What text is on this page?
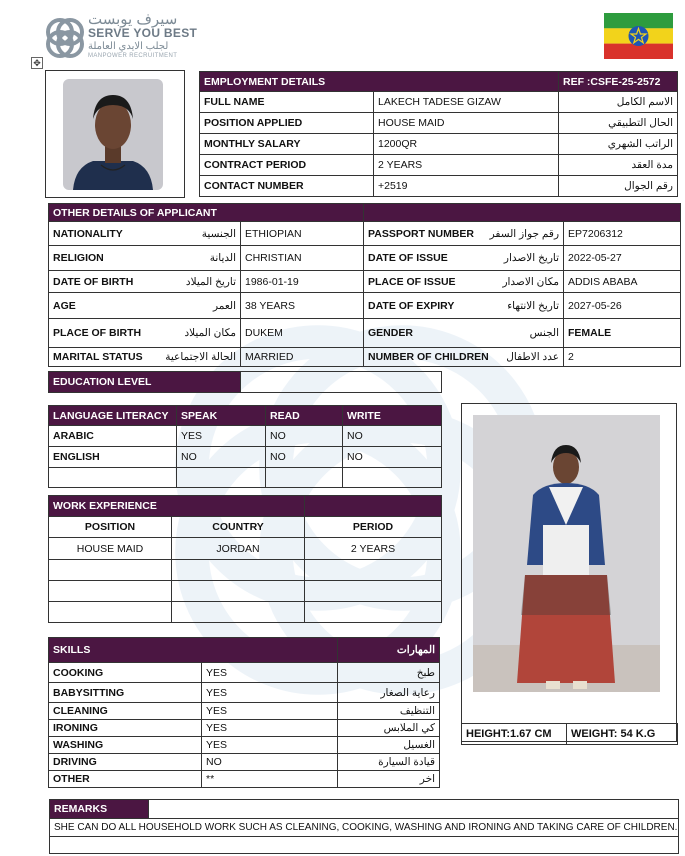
سيرف يوبست
SERVE YOU BEST
لجلب الايدي العاملة
MANPOWER RECRUITMENT
✥
EMPLOYMENT DETAILS		REF :CSFE-25-2572
FULL NAME	LAKECH TADESE GIZAW	الاسم الكامل
POSITION APPLIED	HOUSE MAID	الحال التطبيقي
MONTHLY SALARY	1200QR	الراتب الشهري
CONTRACT PERIOD	2 YEARS	مدة العقد
CONTACT NUMBER	+2519	رقم الجوال
OTHER DETAILS OF APPLICANT			

NATIONALITY الجنسية	ETHIOPIAN	PASSPORT NUMBER رقم جواز السفر	EP7206312

RELIGION الديانة	CHRISTIAN	DATE OF ISSUE تاريخ الاصدار	2022-05-27

DATE OF BIRTH تاريخ الميلاد	1986-01-19	PLACE OF ISSUE مكان الاصدار	ADDIS ABABA

AGE العمر	38 YEARS	DATE OF EXPIRY تاريخ الانتهاء	2027-05-26

PLACE OF BIRTH مكان الميلاد	DUKEM	GENDER الجنس	FEMALE

MARITAL STATUS الحالة الاجتماعية	MARRIED	NUMBER OF CHILDREN عدد الاطفال	2
EDUCATION LEVEL	
LANGUAGE LITERACY	SPEAK	READ	WRITE
ARABIC	YES	NO	NO
ENGLISH	NO	NO	NO

WORK EXPERIENCE		
POSITION	COUNTRY	PERIOD
HOUSE MAID	JORDAN	2 YEARS

SKILLS		المهارات
COOKING	YES	طبخ
BABYSITTING	YES	رعاية الصغار
CLEANING	YES	التنظيف
IRONING	YES	كي الملابس
WASHING	YES	الغسيل
DRIVING	NO	قيادة السيارة
OTHER	**	اخر
HEIGHT:1.67 CM	WEIGHT: 54 K.G
REMARKS	
SHE CAN DO ALL HOUSEHOLD WORK SUCH AS CLEANING, COOKING, WASHING AND IRONING AND TAKING CARE OF CHILDREN.
